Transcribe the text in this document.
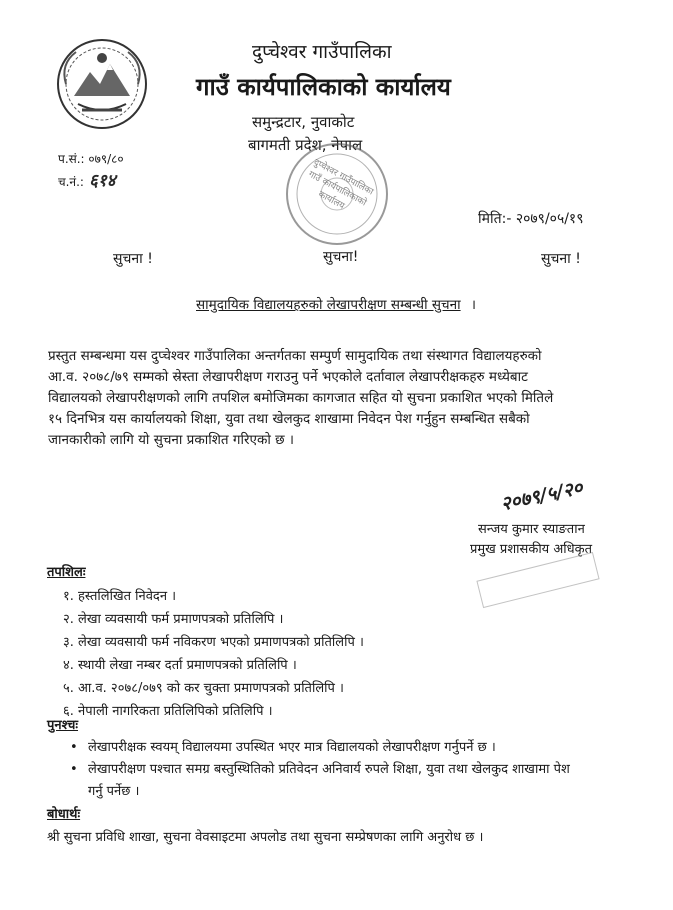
दुप्चेश्वर गाउँपालिका
गाउँ कार्यपालिकाको कार्यालय
समुन्द्रटार, नुवाकोट
बागमती प्रदेश, नेपाल
प.सं.: ०७९/८०
च.नं.: ६१४	दुप्चेश्वर गाउँपालिका गाउँ कार्यपालिकाको कार्यालय
मिति:- २०७९/०५/१९
सुचना !	सुचना!	सुचना !
सामुदायिक विद्यालयहरुको लेखापरीक्षण सम्बन्धी सुचना ।
प्रस्तुत सम्बन्धमा यस दुप्चेश्वर गाउँपालिका अन्तर्गतका सम्पुर्ण सामुदायिक तथा संस्थागत विद्यालयहरुको
आ.व. २०७८/७९ सम्मको स्रेस्ता लेखापरीक्षण गराउनु पर्ने भएकोले दर्तावाल लेखापरीक्षकहरु मध्येबाट
विद्यालयको लेखापरीक्षणको लागि तपशिल बमोजिमका कागजात सहित यो सुचना प्रकाशित भएको मितिले
१५ दिनभित्र यस कार्यालयको शिक्षा, युवा तथा खेलकुद शाखामा निवेदन पेश गर्नुहुन सम्बन्धित सबैको
जानकारीको लागि यो सुचना प्रकाशित गरिएको छ ।
२०७९/५/२०
सन्जय कुमार स्याङतान
प्रमुख प्रशासकीय अधिकृत
तपशिलः
१. हस्तलिखित निवेदन ।
२. लेखा व्यवसायी फर्म प्रमाणपत्रको प्रतिलिपि ।
३. लेखा व्यवसायी फर्म नविकरण भएको प्रमाणपत्रको प्रतिलिपि ।
४. स्थायी लेखा नम्बर दर्ता प्रमाणपत्रको प्रतिलिपि ।
५. आ.व. २०७८/०७९ को कर चुक्ता प्रमाणपत्रको प्रतिलिपि ।
६. नेपाली नागरिकता प्रतिलिपिको प्रतिलिपि ।
पुनश्चः
• लेखापरीक्षक स्वयम् विद्यालयमा उपस्थित भएर मात्र विद्यालयको लेखापरीक्षण गर्नुपर्ने छ ।
• लेखापरीक्षण पश्चात समग्र बस्तुस्थितिको प्रतिवेदन अनिवार्य रुपले शिक्षा, युवा तथा खेलकुद शाखामा पेश गर्नु पर्नेछ ।
बोधार्थः
श्री सुचना प्रविधि शाखा, सुचना वेवसाइटमा अपलोड तथा सुचना सम्प्रेषणका लागि अनुरोध छ ।
